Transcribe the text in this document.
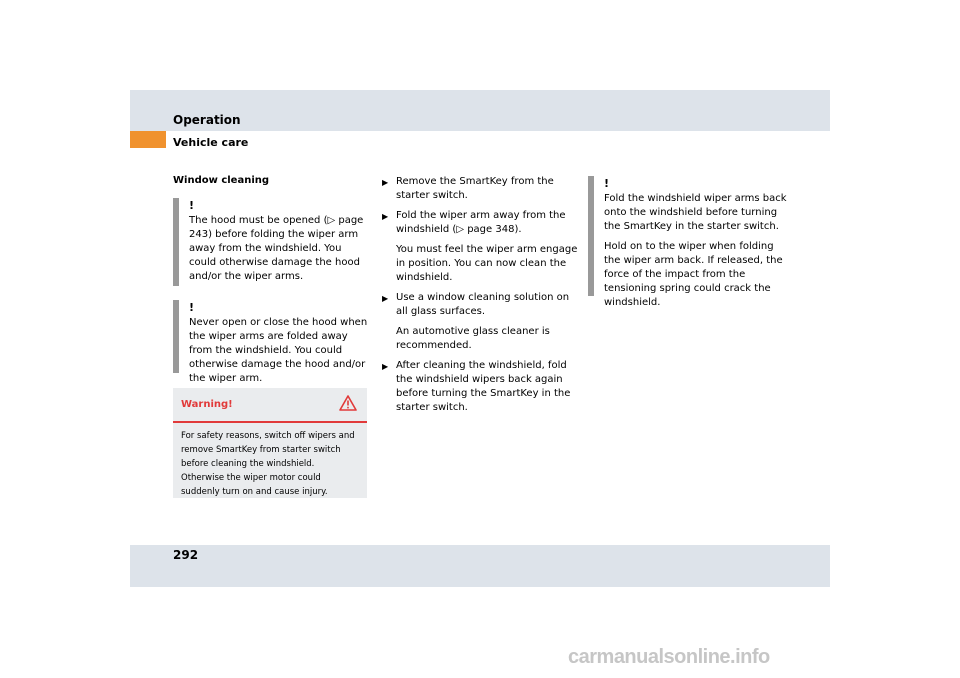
Operation
Vehicle care
Window cleaning
!

The hood must be opened (▷ page 243) before folding the wiper arm away from the windshield. You could otherwise damage the hood and/or the wiper arms.

!

Never open or close the hood when the wiper arms are folded away from the windshield. You could otherwise damage the hood and/or the wiper arm.

Warning!

For safety reasons, switch off wipers and remove SmartKey from starter switch before cleaning the windshield. Otherwise the wiper motor could suddenly turn on and cause injury.

▶ Remove the SmartKey from the starter switch.

▶ Fold the wiper arm away from the windshield (▷ page 348).

You must feel the wiper arm engage in position. You can now clean the windshield.

▶ Use a window cleaning solution on all glass surfaces.

An automotive glass cleaner is recommended.

▶ After cleaning the windshield, fold the windshield wipers back again before turning the SmartKey in the starter switch.

!

Fold the windshield wiper arms back onto the windshield before turning the SmartKey in the starter switch.

Hold on to the wiper when folding the wiper arm back. If released, the force of the impact from the tensioning spring could crack the windshield.

292
carmanualsonline.info
